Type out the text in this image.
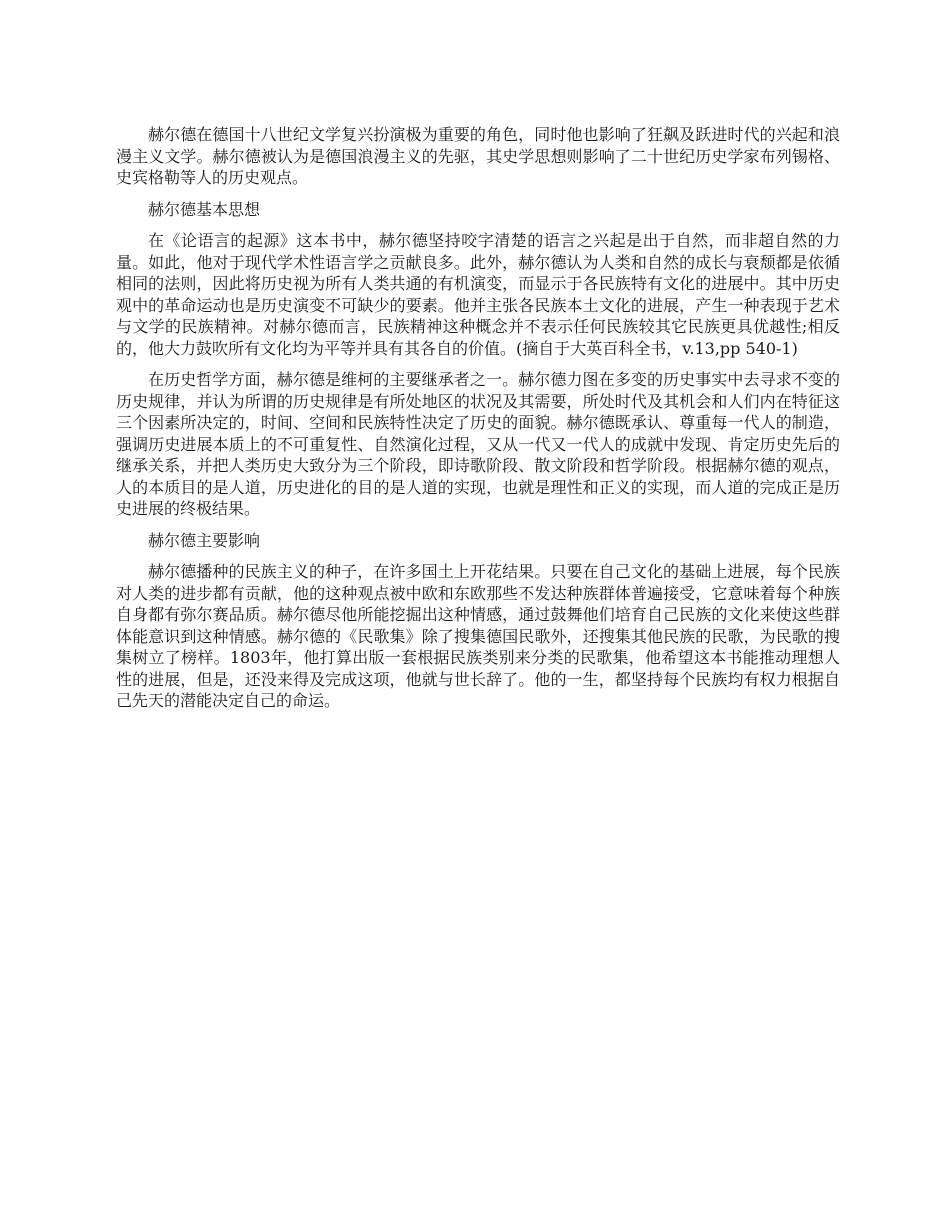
赫尔德在德国十八世纪文学复兴扮演极为重要的角色，同时他也影响了狂飙及跃进时代的兴起和浪漫主义文学。赫尔德被认为是德国浪漫主义的先驱，其史学思想则影响了二十世纪历史学家布列锡格、史宾格勒等人的历史观点。

赫尔德基本思想

在《论语言的起源》这本书中，赫尔德坚持咬字清楚的语言之兴起是出于自然，而非超自然的力量。如此，他对于现代学术性语言学之贡献良多。此外，赫尔德认为人类和自然的成长与衰颓都是依循相同的法则，因此将历史视为所有人类共通的有机演变，而显示于各民族特有文化的进展中。其中历史观中的革命运动也是历史演变不可缺少的要素。他并主张各民族本土文化的进展，产生一种表现于艺术与文学的民族精神。对赫尔德而言，民族精神这种概念并不表示任何民族较其它民族更具优越性;相反的，他大力鼓吹所有文化均为平等并具有其各自的价值。(摘自于大英百科全书，v.13,pp 540-1)

在历史哲学方面，赫尔德是维柯的主要继承者之一。赫尔德力图在多变的历史事实中去寻求不变的历史规律，并认为所谓的历史规律是有所处地区的状况及其需要，所处时代及其机会和人们内在特征这三个因素所决定的，时间、空间和民族特性决定了历史的面貌。赫尔德既承认、尊重每一代人的制造，强调历史进展本质上的不可重复性、自然演化过程，又从一代又一代人的成就中发现、肯定历史先后的继承关系，并把人类历史大致分为三个阶段，即诗歌阶段、散文阶段和哲学阶段。根据赫尔德的观点，人的本质目的是人道，历史进化的目的是人道的实现，也就是理性和正义的实现，而人道的完成正是历史进展的终极结果。

赫尔德主要影响

赫尔德播种的民族主义的种子，在许多国土上开花结果。只要在自己文化的基础上进展，每个民族对人类的进步都有贡献，他的这种观点被中欧和东欧那些不发达种族群体普遍接受，它意味着每个种族自身都有弥尔赛品质。赫尔德尽他所能挖掘出这种情感，通过鼓舞他们培育自己民族的文化来使这些群体能意识到这种情感。赫尔德的《民歌集》除了搜集德国民歌外，还搜集其他民族的民歌，为民歌的搜集树立了榜样。1803年，他打算出版一套根据民族类别来分类的民歌集，他希望这本书能推动理想人性的进展，但是，还没来得及完成这项，他就与世长辞了。他的一生，都坚持每个民族均有权力根据自己先天的潜能决定自己的命运。
